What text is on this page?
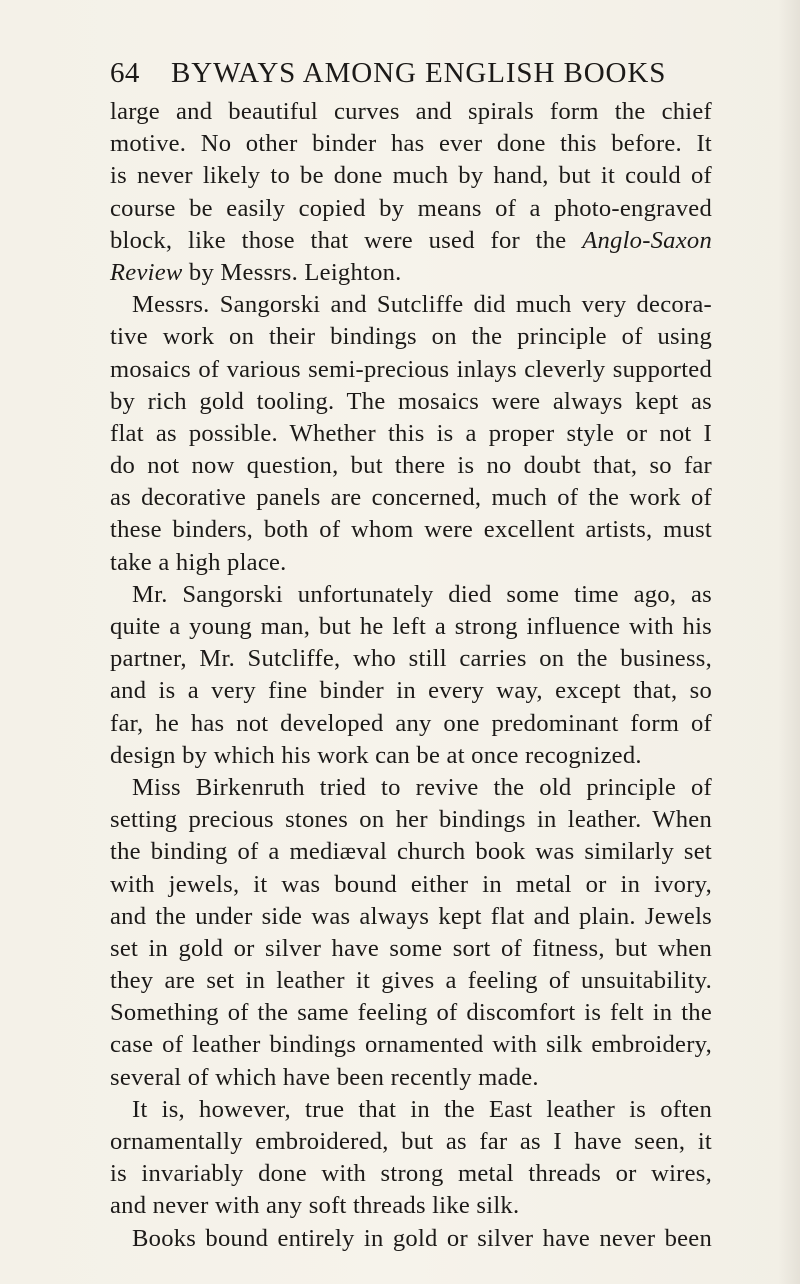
64 BYWAYS AMONG ENGLISH BOOKS
large and beautiful curves and spirals form the chief
motive. No other binder has ever done this before. It
is never likely to be done much by hand, but it could of
course be easily copied by means of a photo-engraved
block, like those that were used for the Anglo-Saxon
Review by Messrs. Leighton.
Messrs. Sangorski and Sutcliffe did much very decora-
tive work on their bindings on the principle of using
mosaics of various semi-precious inlays cleverly supported
by rich gold tooling. The mosaics were always kept as
flat as possible. Whether this is a proper style or not I
do not now question, but there is no doubt that, so far
as decorative panels are concerned, much of the work of
these binders, both of whom were excellent artists, must
take a high place.
Mr. Sangorski unfortunately died some time ago, as
quite a young man, but he left a strong influence with his
partner, Mr. Sutcliffe, who still carries on the business,
and is a very fine binder in every way, except that, so
far, he has not developed any one predominant form of
design by which his work can be at once recognized.
Miss Birkenruth tried to revive the old principle of
setting precious stones on her bindings in leather. When
the binding of a mediæval church book was similarly set
with jewels, it was bound either in metal or in ivory,
and the under side was always kept flat and plain. Jewels
set in gold or silver have some sort of fitness, but when
they are set in leather it gives a feeling of unsuitability.
Something of the same feeling of discomfort is felt in the
case of leather bindings ornamented with silk embroidery,
several of which have been recently made.
It is, however, true that in the East leather is often
ornamentally embroidered, but as far as I have seen, it
is invariably done with strong metal threads or wires,
and never with any soft threads like silk.
Books bound entirely in gold or silver have never been
